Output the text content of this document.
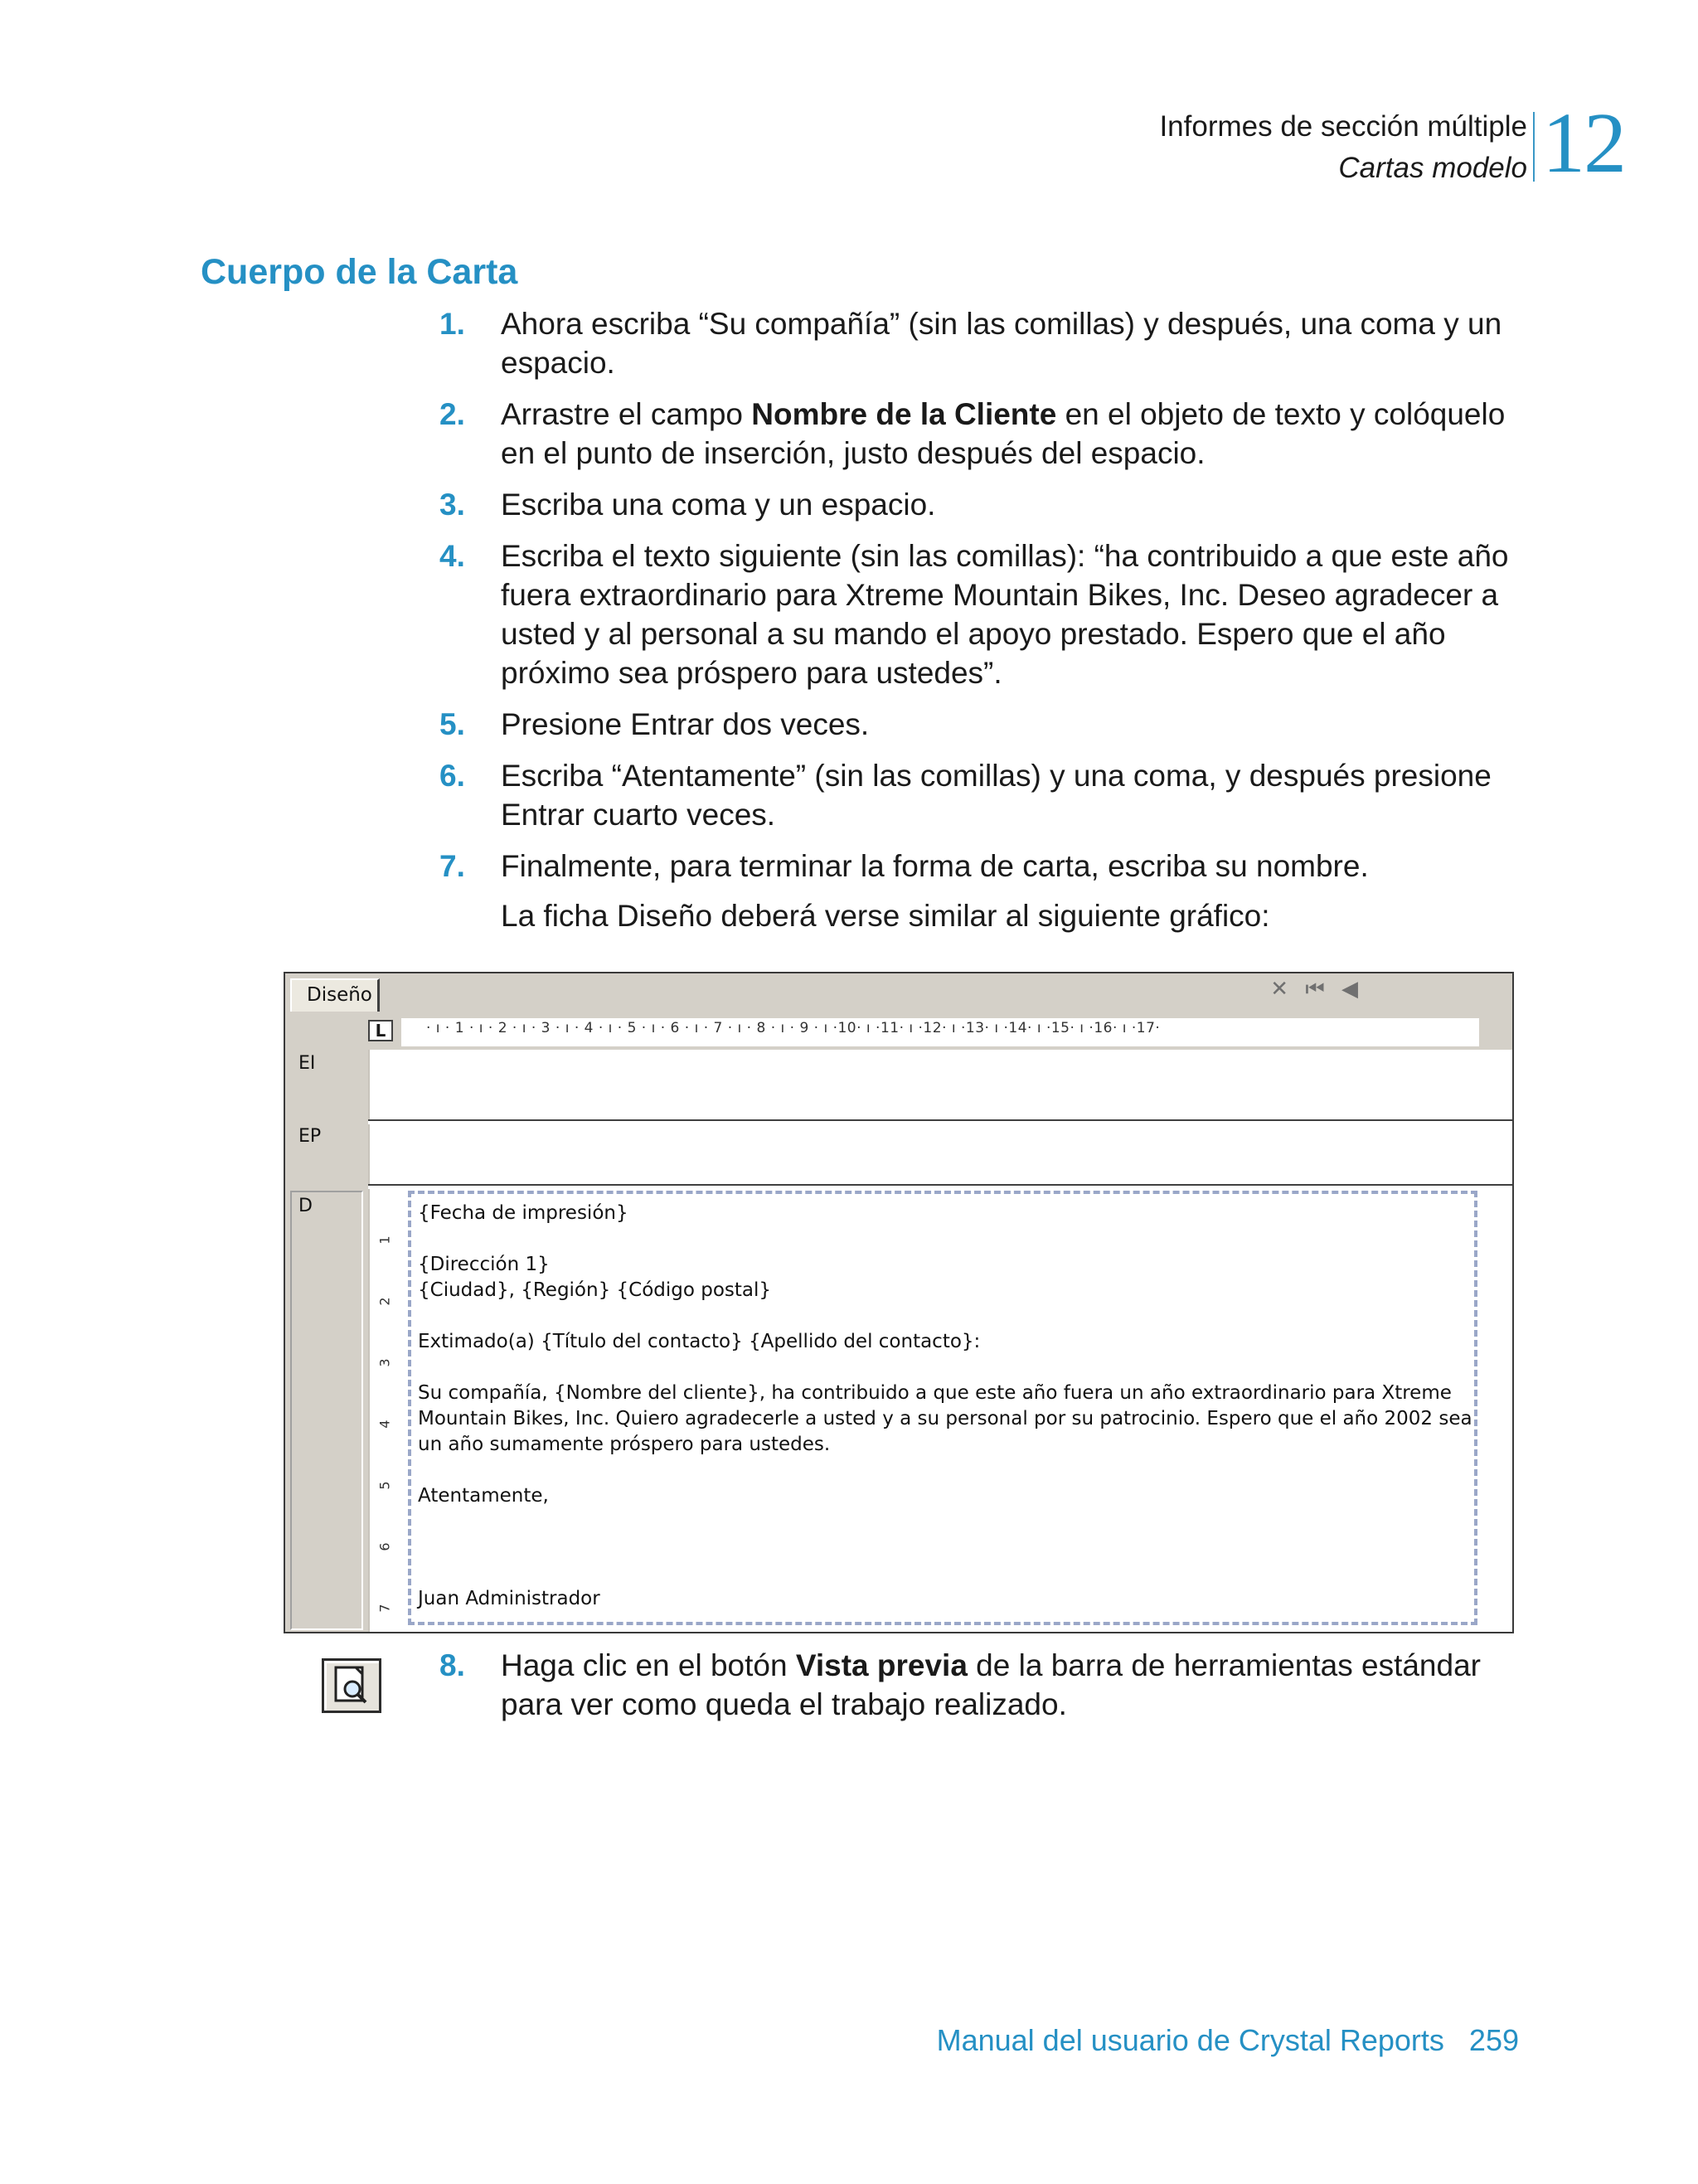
Informes de sección múltiple
Cartas modelo 12
Cuerpo de la Carta
1. Ahora escriba “Su compañía” (sin las comillas) y después, una coma y un espacio.
2. Arrastre el campo Nombre de la Cliente en el objeto de texto y colóquelo en el punto de inserción, justo después del espacio.
3. Escriba una coma y un espacio.
4. Escriba el texto siguiente (sin las comillas): “ha contribuido a que este año fuera extraordinario para Xtreme Mountain Bikes, Inc. Deseo agradecer a usted y al personal a su mando el apoyo prestado. Espero que el año próximo sea próspero para ustedes”.
5. Presione Entrar dos veces.
6. Escriba “Atentamente” (sin las comillas) y una coma, y después presione Entrar cuarto veces.
7. Finalmente, para terminar la forma de carta, escriba su nombre.
La ficha Diseño deberá verse similar al siguiente gráfico:
Diseño	✕ ⏮ ◀
L	· ı · 1 · ı · 2 · ı · 3 · ı · 4 · ı · 5 · ı · 6 · ı · 7 · ı · 8 · ı · 9 · ı ·10· ı ·11· ı ·12· ı ·13· ı ·14· ı ·15· ı ·16· ı ·17·
EI
EP
D
1
2
3
4
5
6
7
{Fecha de impresión}
{Dirección 1}
{Ciudad}, {Región} {Código postal}
Extimado(a) {Título del contacto} {Apellido del contacto}:
Su compañía, {Nombre del cliente}, ha contribuido a que este año fuera un año extraordinario para Xtreme
Mountain Bikes, Inc. Quiero agradecerle a usted y a su personal por su patrocinio. Espero que el año 2002 sea
un año sumamente próspero para ustedes.
Atentamente,
Juan Administrador
8. Haga clic en el botón Vista previa de la barra de herramientas estándar para ver como queda el trabajo realizado.
Manual del usuario de Crystal Reports 259
